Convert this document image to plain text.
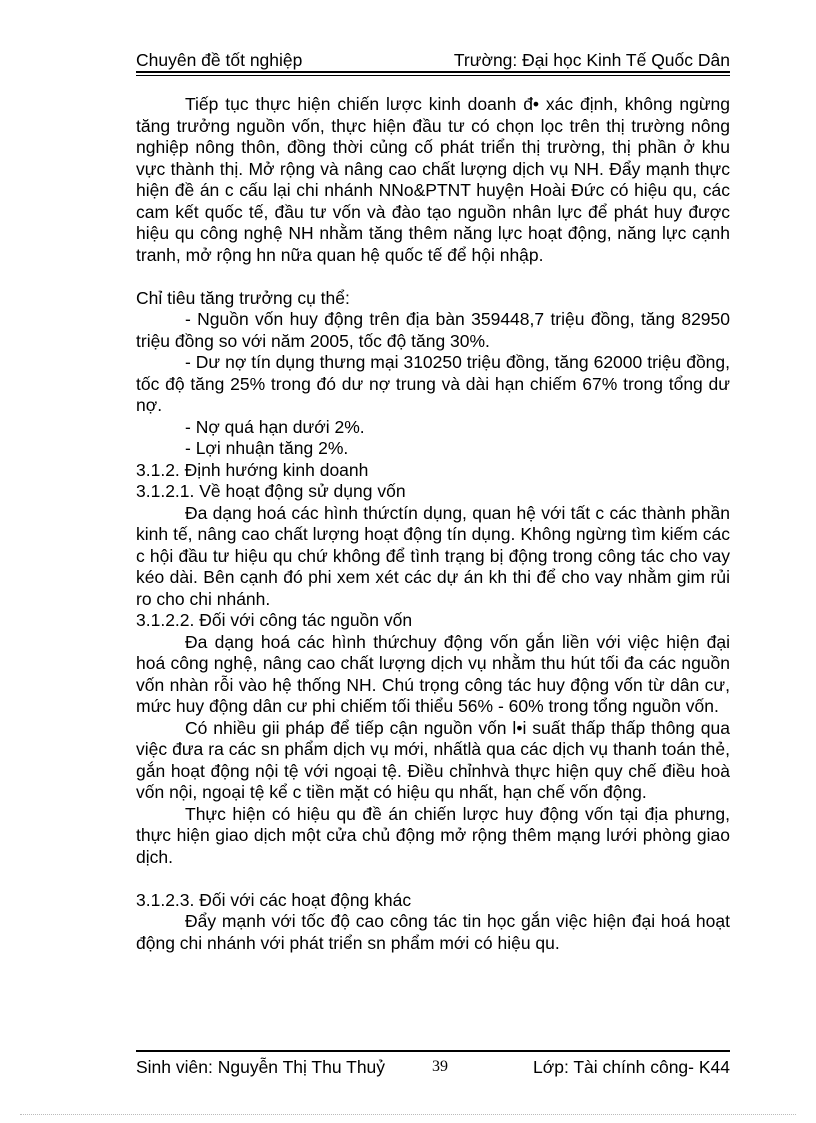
Chuyên đề tốt nghiệp	Trường: Đại học Kinh Tế Quốc Dân

Tiếp tục thực hiện chiến lược kinh doanh đ• xác định, không ngừng tăng trưởng nguồn vốn, thực hiện đầu tư có chọn lọc trên thị trường nông nghiệp nông thôn, đồng thời củng cố phát triển thị trường, thị phần ở khu vực thành thị. Mở rộng và nâng cao chất lượng dịch vụ NH. Đẩy mạnh thực hiện đề án c cấu lại chi nhánh NNo&PTNT huyện Hoài Đức có hiệu qu, các cam kết quốc tế, đầu tư vốn và đào tạo nguồn nhân lực để phát huy được hiệu qu công nghệ NH nhằm tăng thêm năng lực hoạt động, năng lực cạnh tranh, mở rộng hn nữa quan hệ quốc tế để hội nhập.

Chỉ tiêu tăng trưởng cụ thể:

- Nguồn vốn huy động trên địa bàn 359448,7 triệu đồng, tăng 82950 triệu đồng so với năm 2005, tốc độ tăng 30%.

- Dư nợ tín dụng thưng mại 310250 triệu đồng, tăng 62000 triệu đồng, tốc độ tăng 25% trong đó dư nợ trung và dài hạn chiếm 67% trong tổng dư nợ.

- Nợ quá hạn dưới 2%.

- Lợi nhuận tăng 2%.

3.1.2. Định hướng kinh doanh

3.1.2.1. Về hoạt động sử dụng vốn

Đa dạng hoá các hình thứctín dụng, quan hệ với tất c các thành phần kinh tế, nâng cao chất lượng hoạt động tín dụng. Không ngừng tìm kiếm các c hội đầu tư hiệu qu chứ không để tình trạng bị động trong công tác cho vay kéo dài. Bên cạnh đó phi xem xét các dự án kh thi để cho vay nhằm gim rủi ro cho chi nhánh.

3.1.2.2. Đối với công tác nguồn vốn

Đa dạng hoá các hình thứchuy động vốn gắn liền với việc hiện đại hoá công nghệ, nâng cao chất lượng dịch vụ nhằm thu hút tối đa các nguồn vốn nhàn rỗi vào hệ thống NH. Chú trọng công tác huy động vốn từ dân cư, mức huy động dân cư phi chiếm tối thiểu 56% - 60% trong tổng nguồn vốn.

Có nhiều gii pháp để tiếp cận nguồn vốn l•i suất thấp thấp thông qua việc đưa ra các sn phẩm dịch vụ mới, nhấtlà qua các dịch vụ thanh toán thẻ, gắn hoạt động nội tệ với ngoại tệ. Điều chỉnhvà thực hiện quy chế điều hoà vốn nội, ngoại tệ kể c tiền mặt có hiệu qu nhất, hạn chế vốn động.

Thực hiện có hiệu qu đề án chiến lược huy động vốn tại địa phưng, thực hiện giao dịch một cửa chủ động mở rộng thêm mạng lưới phòng giao dịch.

3.1.2.3. Đối với các hoạt động khác

Đẩy mạnh với tốc độ cao công tác tin học gắn việc hiện đại hoá hoạt động chi nhánh với phát triển sn phẩm mới có hiệu qu.

Sinh viên: Nguyễn Thị Thu Thuỷ	39	Lớp: Tài chính công- K44
